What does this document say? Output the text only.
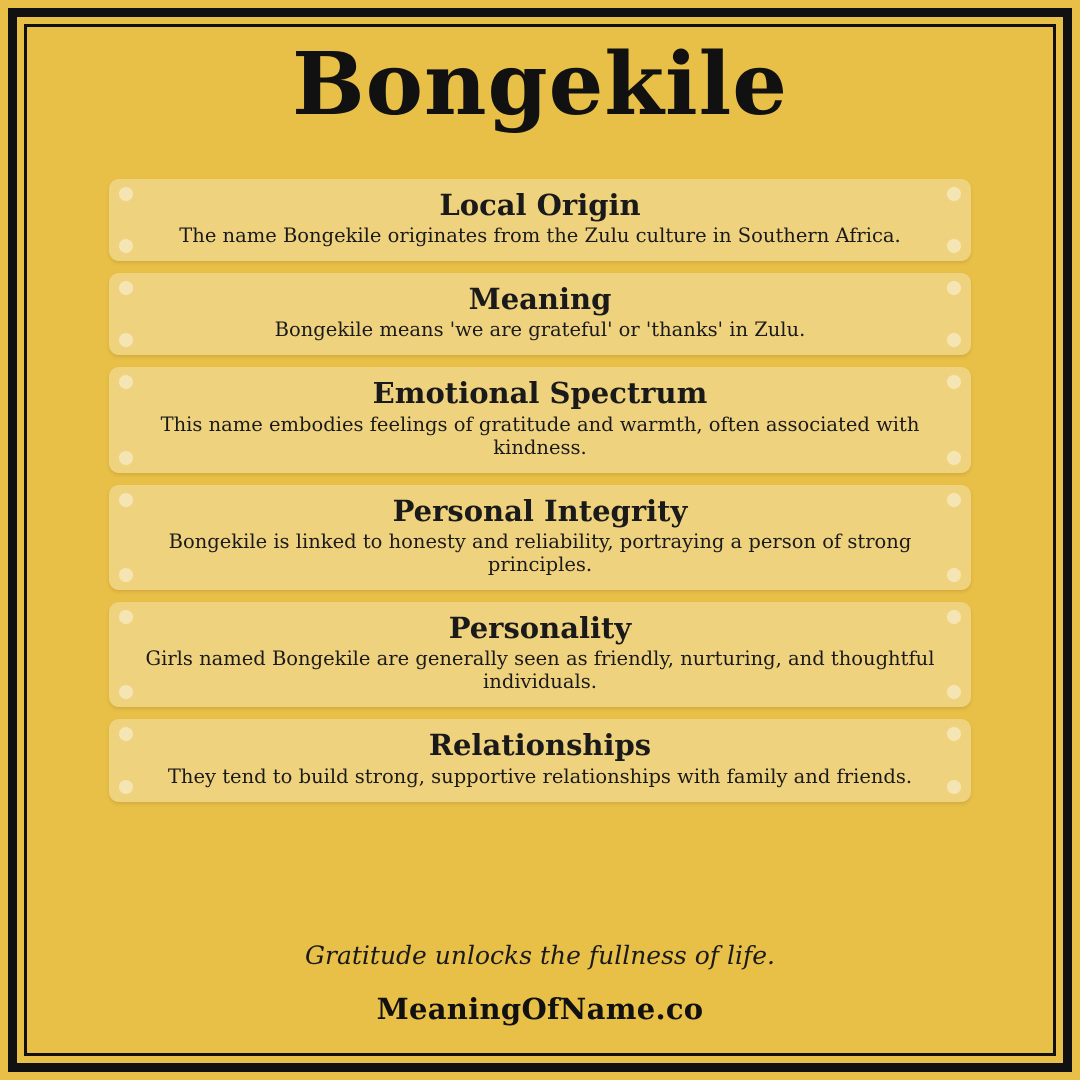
Bongekile
Local Origin
The name Bongekile originates from the Zulu culture in Southern Africa.
Meaning
Bongekile means 'we are grateful' or 'thanks' in Zulu.
Emotional Spectrum
This name embodies feelings of gratitude and warmth, often associated with kindness.
Personal Integrity
Bongekile is linked to honesty and reliability, portraying a person of strong principles.
Personality
Girls named Bongekile are generally seen as friendly, nurturing, and thoughtful individuals.
Relationships
They tend to build strong, supportive relationships with family and friends.
Gratitude unlocks the fullness of life.
MeaningOfName.co
